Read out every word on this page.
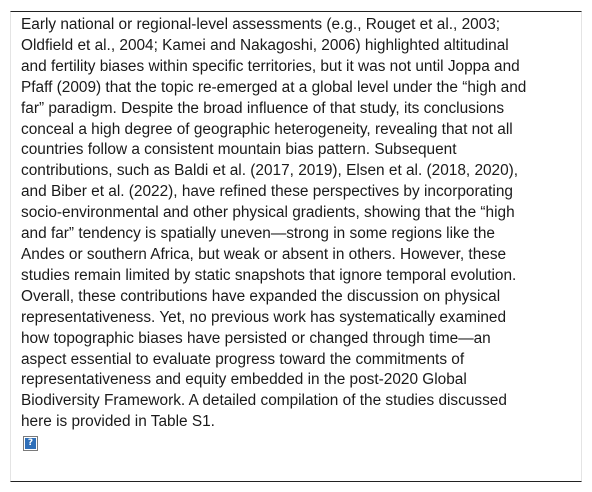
Early national or regional-level assessments (e.g., Rouget et al., 2003;
Oldfield et al., 2004; Kamei and Nakagoshi, 2006) highlighted altitudinal
and fertility biases within specific territories, but it was not until Joppa and
Pfaff (2009) that the topic re-emerged at a global level under the “high and
far” paradigm. Despite the broad influence of that study, its conclusions
conceal a high degree of geographic heterogeneity, revealing that not all
countries follow a consistent mountain bias pattern. Subsequent
contributions, such as Baldi et al. (2017, 2019), Elsen et al. (2018, 2020),
and Biber et al. (2022), have refined these perspectives by incorporating
socio-environmental and other physical gradients, showing that the “high
and far” tendency is spatially uneven—strong in some regions like the
Andes or southern Africa, but weak or absent in others. However, these
studies remain limited by static snapshots that ignore temporal evolution.
Overall, these contributions have expanded the discussion on physical
representativeness. Yet, no previous work has systematically examined
how topographic biases have persisted or changed through time—an
aspect essential to evaluate progress toward the commitments of
representativeness and equity embedded in the post-2020 Global
Biodiversity Framework. A detailed compilation of the studies discussed
here is provided in Table S1.

?
